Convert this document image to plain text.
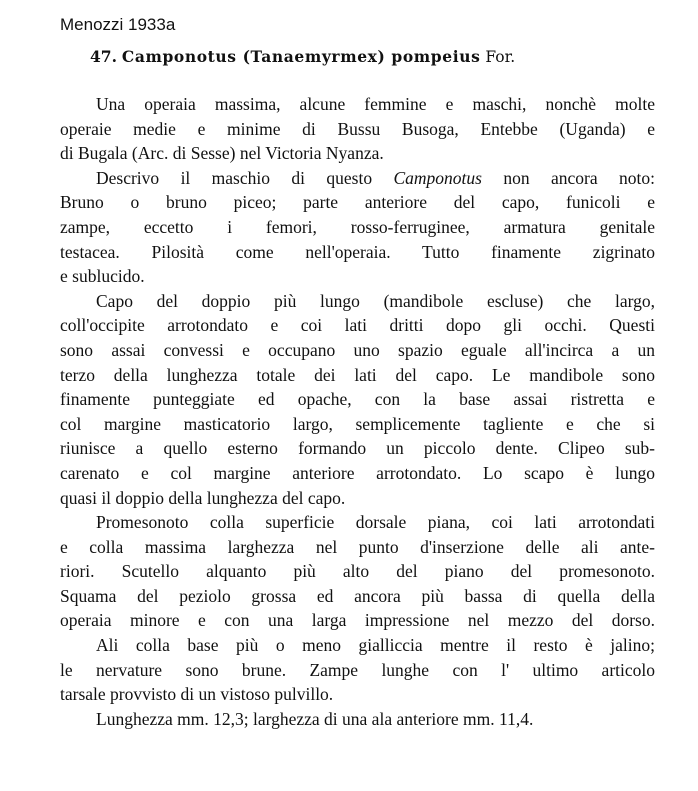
Menozzi 1933a
47. Camponotus (Tanaemyrmex) pompeius For.
Una operaia massima, alcune femmine e maschi, nonchè molte
operaie medie e minime di Bussu Busoga, Entebbe (Uganda) e
di Bugala (Arc. di Sesse) nel Victoria Nyanza.
Descrivo il maschio di questo Camponotus non ancora noto:
Bruno o bruno piceo; parte anteriore del capo, funicoli e
zampe, eccetto i femori, rosso-ferruginee, armatura genitale
testacea. Pilosità come nell'operaia. Tutto finamente zigrinato
e sublucido.
Capo del doppio più lungo (mandibole escluse) che largo,
coll'occipite arrotondato e coi lati dritti dopo gli occhi. Questi
sono assai convessi e occupano uno spazio eguale all'incirca a un
terzo della lunghezza totale dei lati del capo. Le mandibole sono
finamente punteggiate ed opache, con la base assai ristretta e
col margine masticatorio largo, semplicemente tagliente e che si
riunisce a quello esterno formando un piccolo dente. Clipeo sub-
carenato e col margine anteriore arrotondato. Lo scapo è lungo
quasi il doppio della lunghezza del capo.
Promesonoto colla superficie dorsale piana, coi lati arrotondati
e colla massima larghezza nel punto d'inserzione delle ali ante-
riori. Scutello alquanto più alto del piano del promesonoto.
Squama del peziolo grossa ed ancora più bassa di quella della
operaia minore e con una larga impressione nel mezzo del dorso.
Ali colla base più o meno gialliccia mentre il resto è jalino;
le nervature sono brune. Zampe lunghe con l' ultimo articolo
tarsale provvisto di un vistoso pulvillo.
Lunghezza mm. 12,3; larghezza di una ala anteriore mm. 11,4.
